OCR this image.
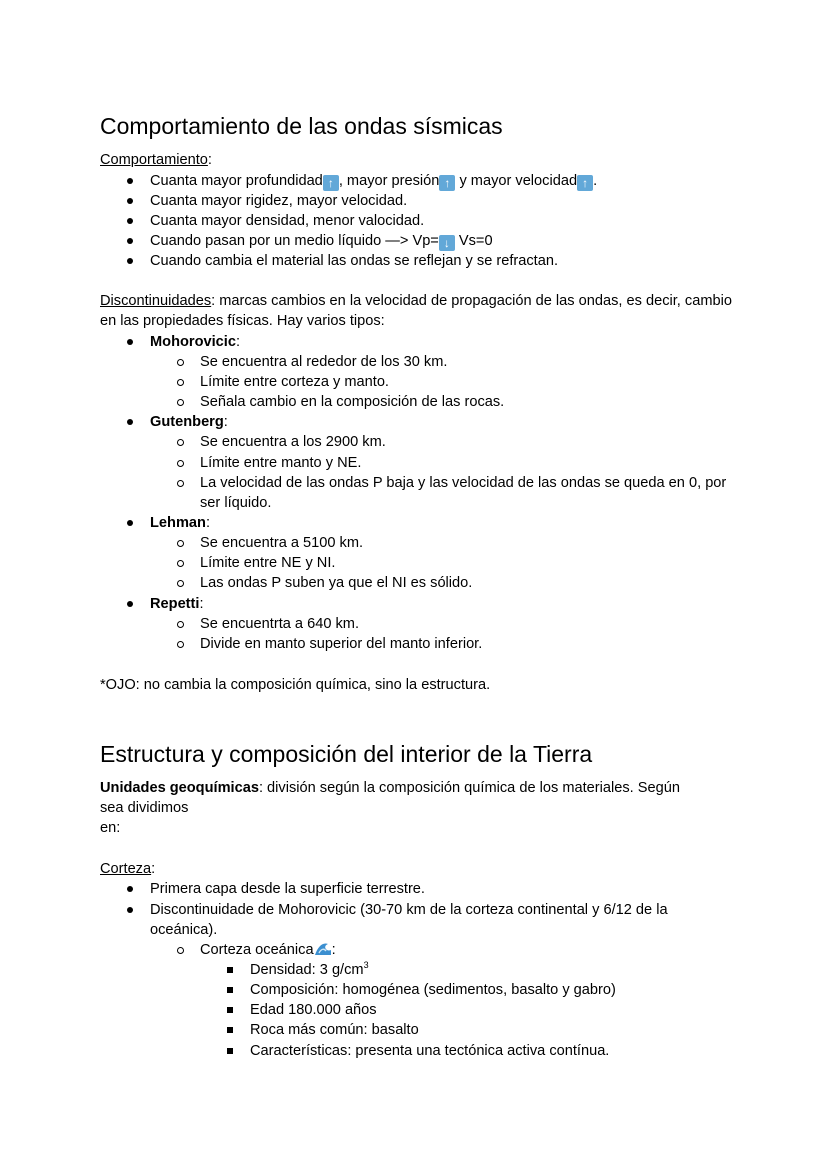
Comportamiento de las ondas sísmicas

Comportamiento:

Cuanta mayor profundidad ↑ , mayor presión ↑ y mayor velocidad ↑ .
Cuanta mayor rigidez, mayor velocidad.
Cuanta mayor densidad, menor valocidad.
Cuando pasan por un medio líquido —> Vp= ↓ Vs=0
Cuando cambia el material las ondas se reflejan y se refractan.

Discontinuidades: marcas cambios en la velocidad de propagación de las ondas, es decir, cambio en las propiedades físicas. Hay varios tipos:

Mohorovicic:
Se encuentra al rededor de los 30 km.
Límite entre corteza y manto.
Señala cambio en la composición de las rocas.
Gutenberg:
Se encuentra a los 2900 km.
Límite entre manto y NE.
La velocidad de las ondas P baja y las velocidad de las ondas se queda en 0, por ser líquido.
Lehman:
Se encuentra a 5100 km.
Límite entre NE y NI.
Las ondas P suben ya que el NI es sólido.
Repetti:
Se encuentrta a 640 km.
Divide en manto superior del manto inferior.

*OJO: no cambia la composición química, sino la estructura.

Estructura y composición del interior de la Tierra

Unidades geoquímicas: división según la composición química de los materiales. Según
sea dividimos
en:

Corteza:

Primera capa desde la superficie terrestre.
Discontinuidade de Mohorovicic (30-70 km de la corteza continental y 6/12 de la oceánica).
Corteza oceánica :
Densidad: 3 $g/cm^3$
Composición: homogénea (sedimentos, basalto y gabro)
Edad 180.000 años
Roca más común: basalto
Características: presenta una tectónica activa contínua.
